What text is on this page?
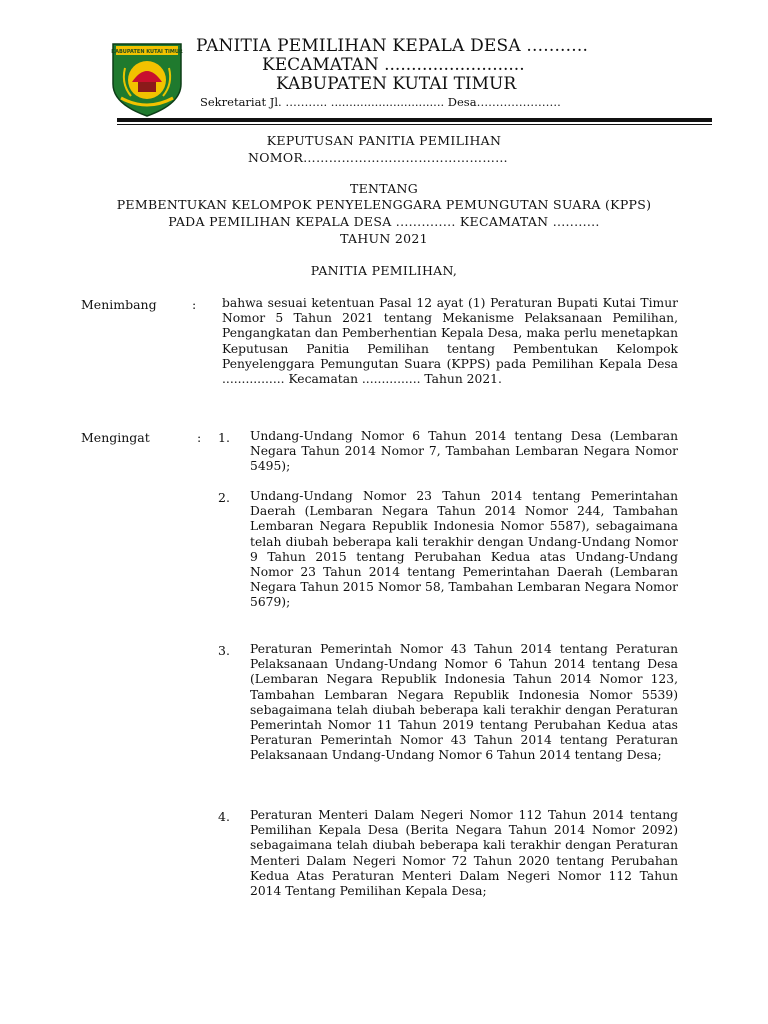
KABUPATEN KUTAI TIMUR PANITIA PEMILIHAN KEPALA DESA ...........
KECAMATAN ..........................
KABUPATEN KUTAI TIMUR
Sekretariat Jl. ……….. ............................... Desa………………….
KEPUTUSAN PANITIA PEMILIHAN
NOMOR…………………………………………
TENTANG
PEMBENTUKAN KELOMPOK PENYELENGGARA PEMUNGUTAN SUARA (KPPS)
PADA PEMILIHAN KEPALA DESA .............. KECAMATAN ...........
TAHUN 2021
PANITIA PEMILIHAN,
Menimbang	: bahwa sesuai ketentuan Pasal 12 ayat (1) Peraturan Bupati Kutai Timur Nomor 5 Tahun 2021 tentang Mekanisme Pelaksanaan Pemilihan, Pengangkatan dan Pemberhentian Kepala Desa, maka perlu menetapkan Keputusan Panitia Pemilihan tentang Pembentukan Kelompok Penyelenggara Pemungutan Suara (KPPS) pada Pemilihan Kepala Desa ................ Kecamatan ............... Tahun 2021.
Mengingat	: 1. Undang-Undang Nomor 6 Tahun 2014 tentang Desa (Lembaran Negara Tahun 2014 Nomor 7, Tambahan Lembaran Negara Nomor 5495);
2. Undang-Undang Nomor 23 Tahun 2014 tentang Pemerintahan Daerah (Lembaran Negara Tahun 2014 Nomor 244, Tambahan Lembaran Negara Republik Indonesia Nomor 5587), sebagaimana telah diubah beberapa kali terakhir dengan Undang-Undang Nomor 9 Tahun 2015 tentang Perubahan Kedua atas Undang-Undang Nomor 23 Tahun 2014 tentang Pemerintahan Daerah (Lembaran Negara Tahun 2015 Nomor 58, Tambahan Lembaran Negara Nomor 5679);
3. Peraturan Pemerintah Nomor 43 Tahun 2014 tentang Peraturan Pelaksanaan Undang-Undang Nomor 6 Tahun 2014 tentang Desa (Lembaran Negara Republik Indonesia Tahun 2014 Nomor 123, Tambahan Lembaran Negara Republik Indonesia Nomor 5539) sebagaimana telah diubah beberapa kali terakhir dengan Peraturan Pemerintah Nomor 11 Tahun 2019 tentang Perubahan Kedua atas Peraturan Pemerintah Nomor 43 Tahun 2014 tentang Peraturan Pelaksanaan Undang-Undang Nomor 6 Tahun 2014 tentang Desa;
4. Peraturan Menteri Dalam Negeri Nomor 112 Tahun 2014 tentang Pemilihan Kepala Desa (Berita Negara Tahun 2014 Nomor 2092) sebagaimana telah diubah beberapa kali terakhir dengan Peraturan Menteri Dalam Negeri Nomor 72 Tahun 2020 tentang Perubahan Kedua Atas Peraturan Menteri Dalam Negeri Nomor 112 Tahun 2014 Tentang Pemilihan Kepala Desa;
